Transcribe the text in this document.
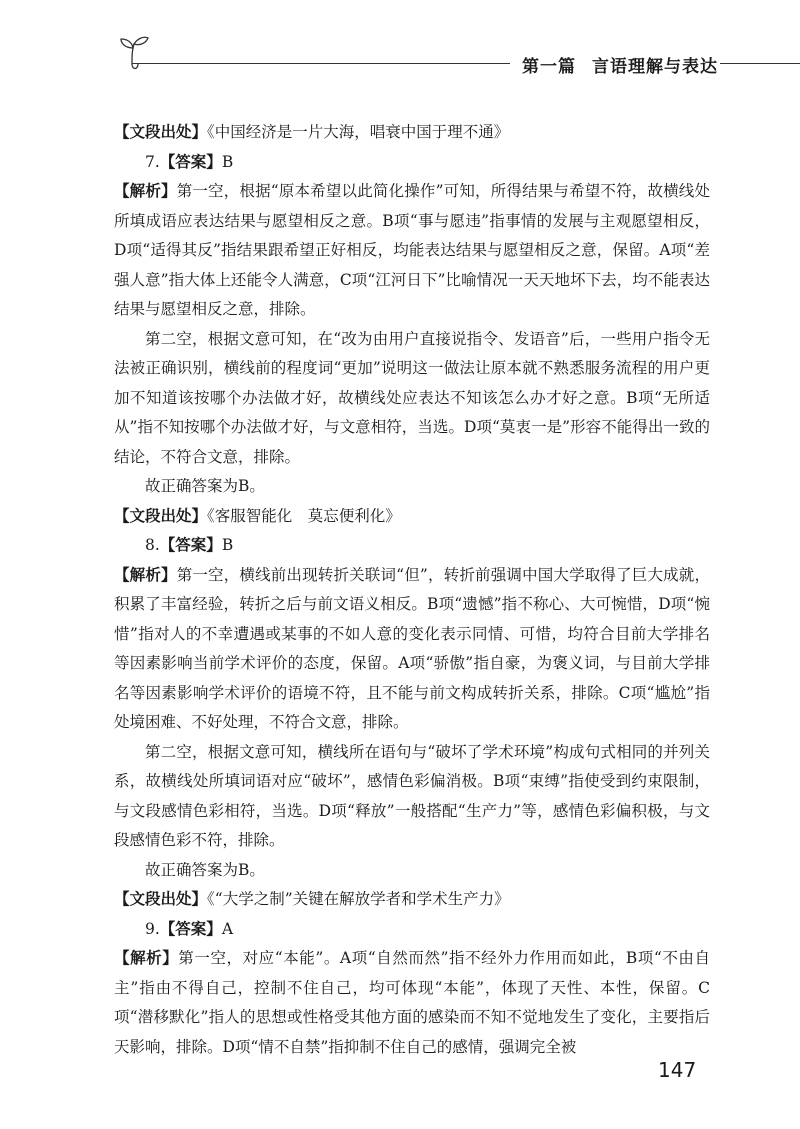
第一篇 言语理解与表达

【文段出处】《中国经济是一片大海，唱衰中国于理不通》

7.【答案】B

【解析】第一空，根据“原本希望以此简化操作”可知，所得结果与希望不符，故横线处所填成语应表达结果与愿望相反之意。B项“事与愿违”指事情的发展与主观愿望相反，D项“适得其反”指结果跟希望正好相反，均能表达结果与愿望相反之意，保留。A项“差强人意”指大体上还能令人满意，C项“江河日下”比喻情况一天天地坏下去，均不能表达结果与愿望相反之意，排除。

第二空，根据文意可知，在“改为由用户直接说指令、发语音”后，一些用户指令无法被正确识别，横线前的程度词“更加”说明这一做法让原本就不熟悉服务流程的用户更加不知道该按哪个办法做才好，故横线处应表达不知该怎么办才好之意。B项“无所适从”指不知按哪个办法做才好，与文意相符，当选。D项“莫衷一是”形容不能得出一致的结论，不符合文意，排除。

故正确答案为B。

【文段出处】《客服智能化　莫忘便利化》

8.【答案】B

【解析】第一空，横线前出现转折关联词“但”，转折前强调中国大学取得了巨大成就，积累了丰富经验，转折之后与前文语义相反。B项“遗憾”指不称心、大可惋惜，D项“惋惜”指对人的不幸遭遇或某事的不如人意的变化表示同情、可惜，均符合目前大学排名等因素影响当前学术评价的态度，保留。A项“骄傲”指自豪，为褒义词，与目前大学排名等因素影响学术评价的语境不符，且不能与前文构成转折关系，排除。C项“尴尬”指处境困难、不好处理，不符合文意，排除。

第二空，根据文意可知，横线所在语句与“破坏了学术环境”构成句式相同的并列关系，故横线处所填词语对应“破坏”，感情色彩偏消极。B项“束缚”指使受到约束限制，与文段感情色彩相符，当选。D项“释放”一般搭配“生产力”等，感情色彩偏积极，与文段感情色彩不符，排除。

故正确答案为B。

【文段出处】《“大学之制”关键在解放学者和学术生产力》

9.【答案】A

【解析】第一空，对应“本能”。A项“自然而然”指不经外力作用而如此，B项“不由自主”指由不得自己，控制不住自己，均可体现“本能”，体现了天性、本性，保留。C项“潜移默化”指人的思想或性格受其他方面的感染而不知不觉地发生了变化，主要指后天影响，排除。D项“情不自禁”指抑制不住自己的感情，强调完全被

147
